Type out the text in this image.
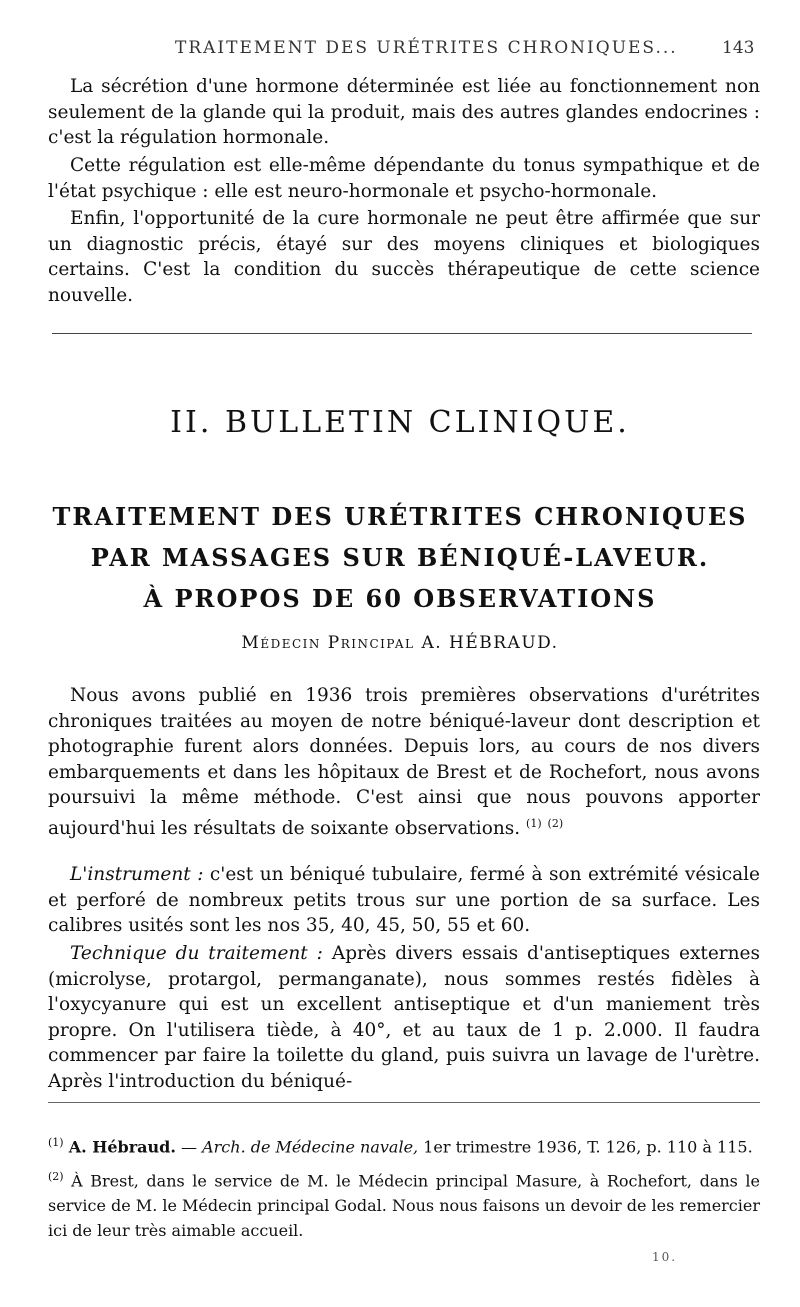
TRAITEMENT DES URÉTRITES CHRONIQUES...	143

La sécrétion d'une hormone déterminée est liée au fonctionnement non seulement de la glande qui la produit, mais des autres glandes endocrines : c'est la régulation hormonale.

Cette régulation est elle-même dépendante du tonus sympathique et de l'état psychique : elle est neuro-hormonale et psycho-hormonale.

Enfin, l'opportunité de la cure hormonale ne peut être affirmée que sur un diagnostic précis, étayé sur des moyens cliniques et biologiques certains. C'est la condition du succès thérapeutique de cette science nouvelle.

II. BULLETIN CLINIQUE.
TRAITEMENT DES URÉTRITES CHRONIQUES
PAR MASSAGES SUR BÉNIQUÉ-LAVEUR.
À PROPOS DE 60 OBSERVATIONS
Médecin Principal A. HÉBRAUD.

Nous avons publié en 1936 trois premières observations d'urétrites chroniques traitées au moyen de notre béniqué-laveur dont description et photographie furent alors données. Depuis lors, au cours de nos divers embarquements et dans les hôpitaux de Brest et de Rochefort, nous avons poursuivi la même méthode. C'est ainsi que nous pouvons apporter aujourd'hui les résultats de soixante observations. $^{(1)}$ $^{(2)}$

L'instrument : c'est un béniqué tubulaire, fermé à son extrémité vésicale et perforé de nombreux petits trous sur une portion de sa surface. Les calibres usités sont les nos 35, 40, 45, 50, 55 et 60.

Technique du traitement : Après divers essais d'antiseptiques externes (microlyse, protargol, permanganate), nous sommes restés fidèles à l'oxycyanure qui est un excellent antiseptique et d'un maniement très propre. On l'utilisera tiède, à 40°, et au taux de 1 p. 2.000. Il faudra commencer par faire la toilette du gland, puis suivra un lavage de l'urètre. Après l'introduction du béniqué-

$^{(1)}$ A. Hébraud. — Arch. de Médecine navale, 1er trimestre 1936, T. 126, p. 110 à 115.

$^{(2)}$ À Brest, dans le service de M. le Médecin principal Masure, à Rochefort, dans le service de M. le Médecin principal Godal. Nous nous faisons un devoir de les remercier ici de leur très aimable accueil.

10.
